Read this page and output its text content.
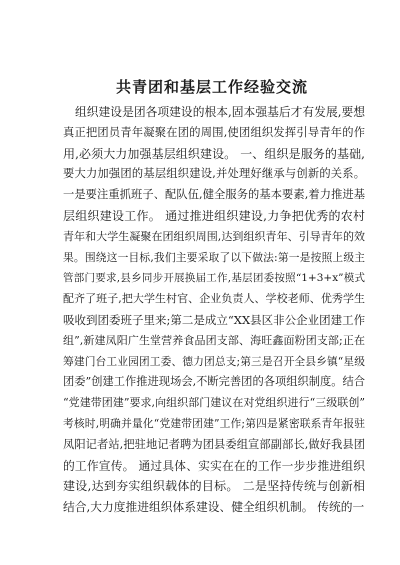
共青团和基层工作经验交流
组织建设是团各项建设的根本,固本强基后才有发展,要想
真正把团员青年凝聚在团的周围,使团组织发挥引导青年的作
用,必须大力加强基层组织建设。 一、组织是服务的基础,
要大力加强团的基层组织建设,并处理好继承与创新的关系。
一是要注重抓班子、配队伍,健全服务的基本要素,着力推进基
层组织建设工作。 通过推进组织建设,力争把优秀的农村
青年和大学生凝聚在团组织周围,达到组织青年、引导青年的效
果。围绕这一目标,我们主要采取了以下做法:第一是按照上级主
管部门要求,县乡同步开展换届工作,基层团委按照“1+3+x”模式
配齐了班子,把大学生村官、企业负责人、学校老师、优秀学生
吸收到团委班子里来;第二是成立“XX县区非公企业团建工作
组”,新建凤阳广生堂营养食品团支部、海旺鑫面粉团支部;正在
筹建门台工业园团工委、德力团总支;第三是召开全县乡镇“星级
团委”创建工作推进现场会,不断完善团的各项组织制度。结合
“党建带团建”要求,向组织部门建议在对党组织进行“三级联创”
考核时,明确并量化“党建带团建”工作;第四是紧密联系青年报驻
凤阳记者站,把驻地记者聘为团县委组宣部副部长,做好我县团
的工作宣传。 通过具体、实实在在的工作一步步推进组织
建设,达到夯实组织载体的目标。 二是坚持传统与创新相
结合,大力度推进组织体系建设、健全组织机制。 传统的一
